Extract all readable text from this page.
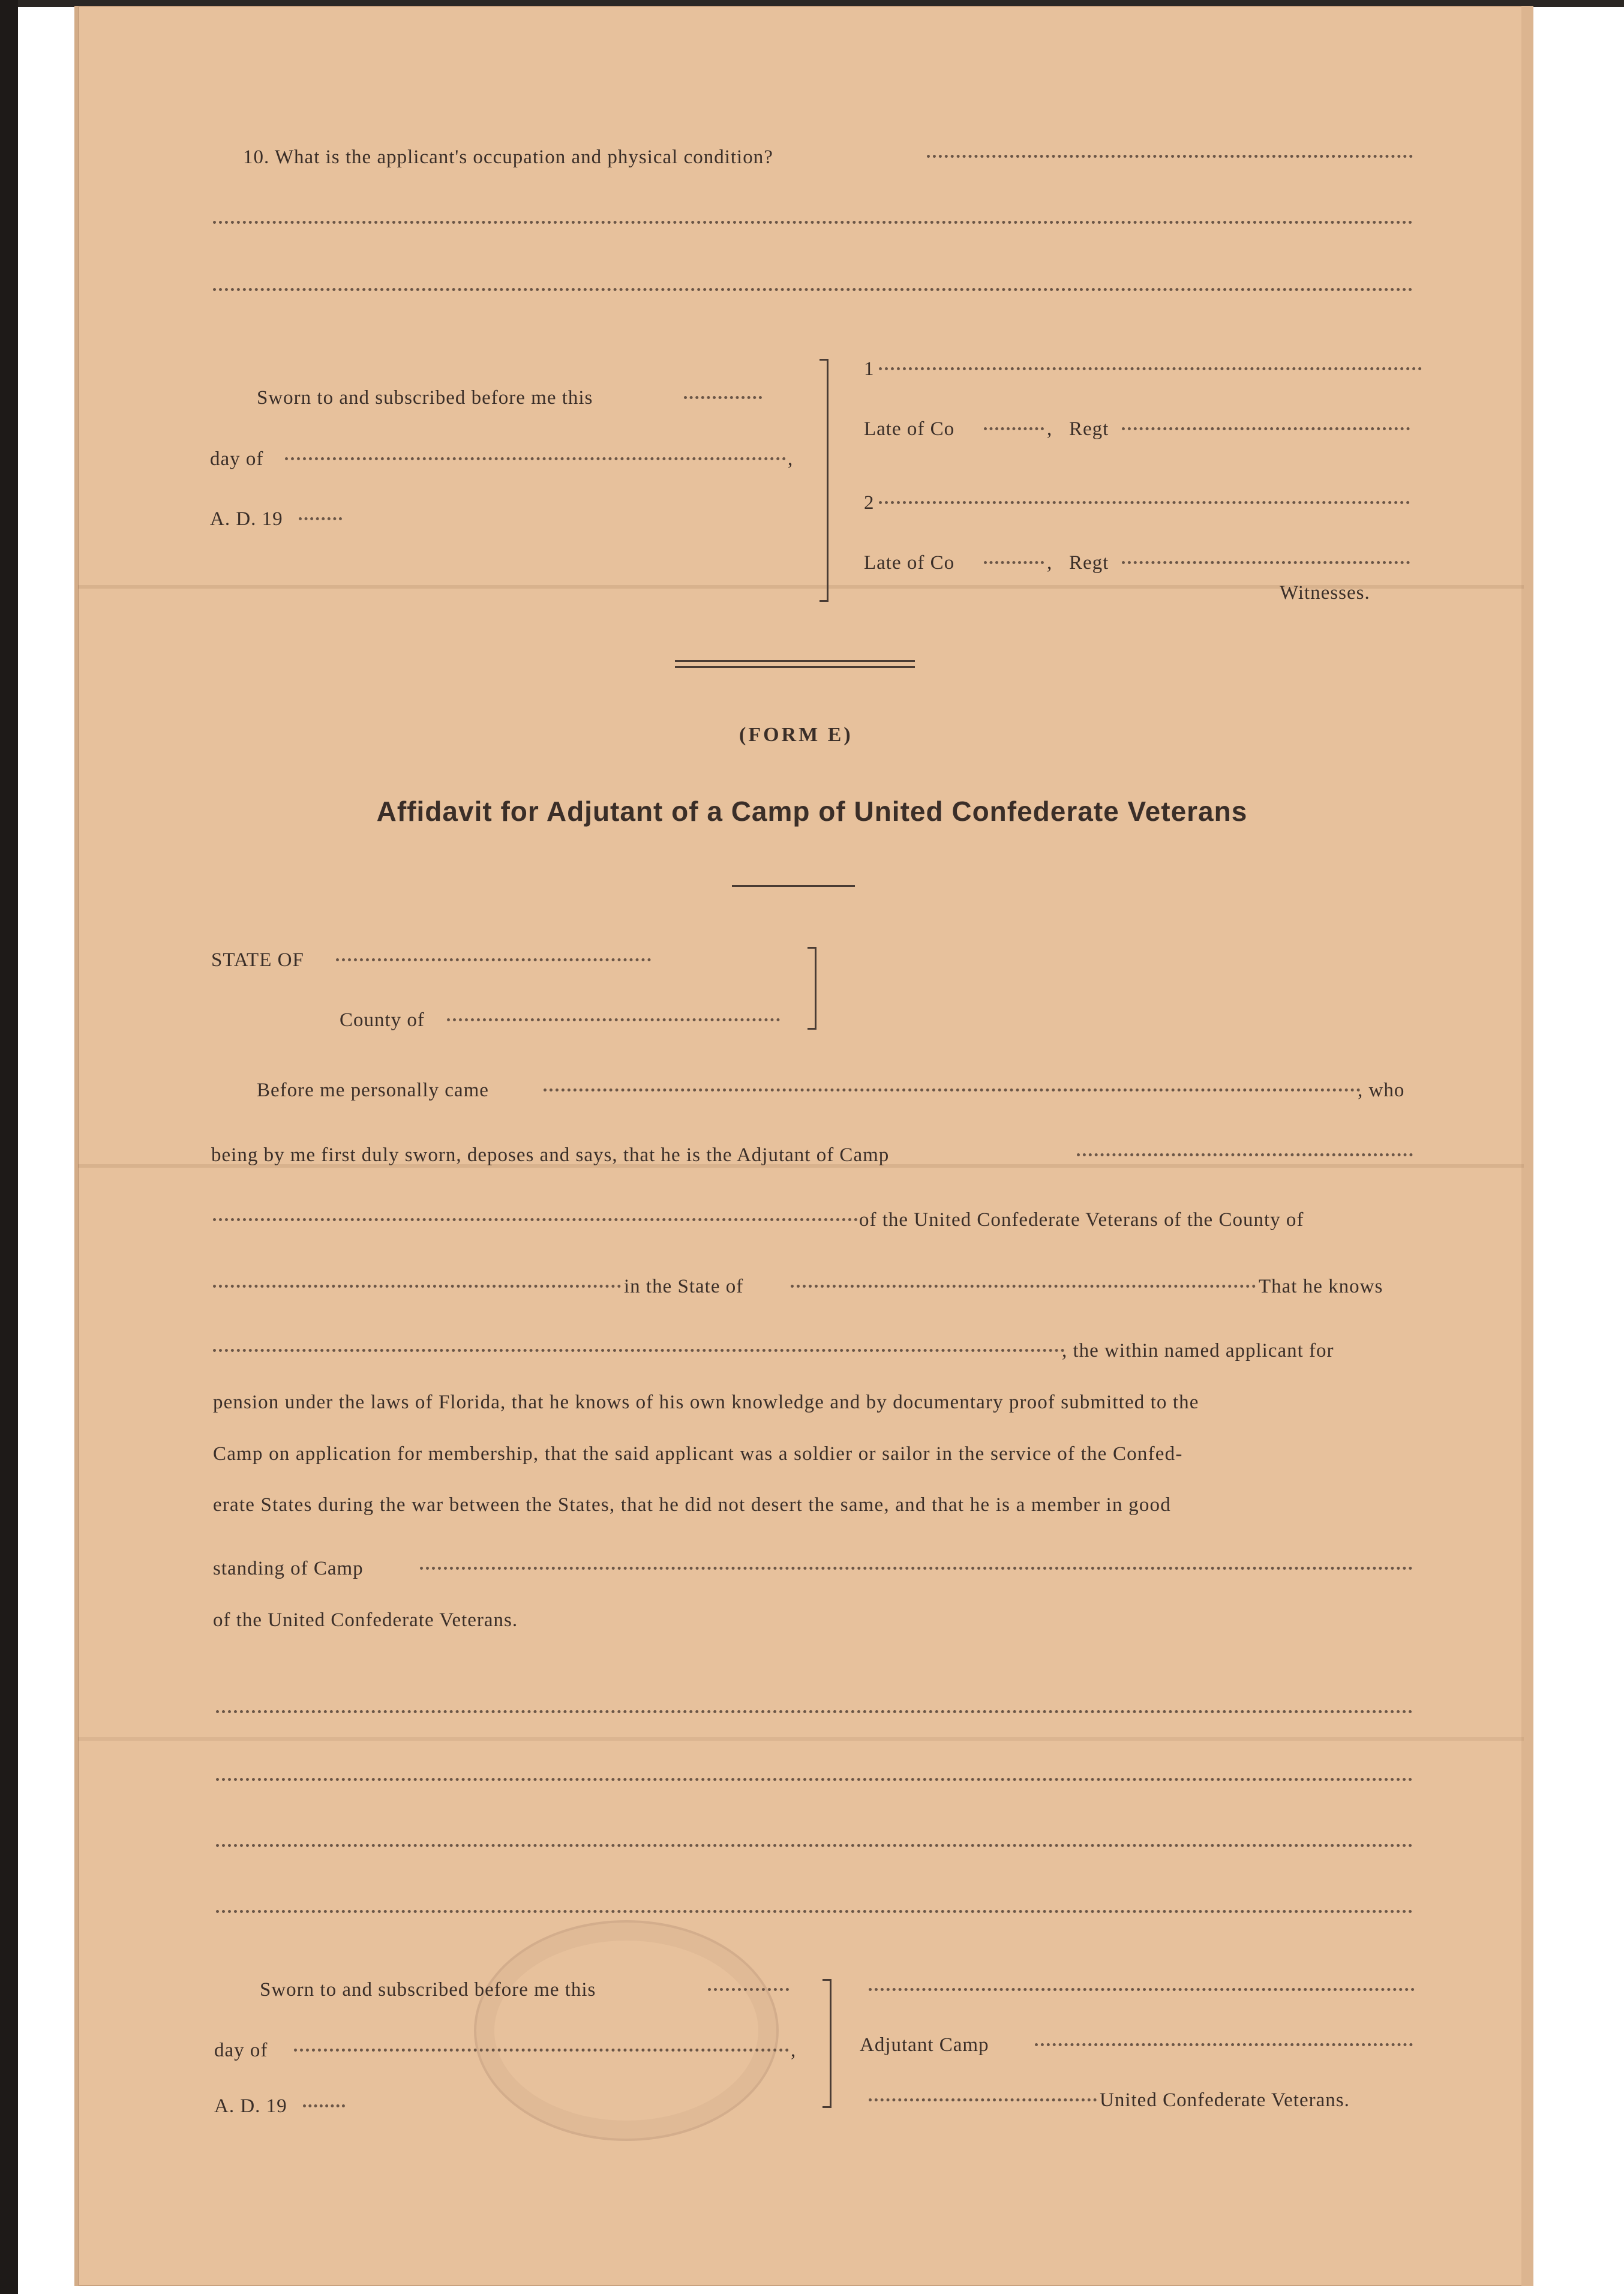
10. What is the applicant's occupation and physical condition?
Sworn to and subscribed before me this
day of	,
A. D. 19
1
Late of Co	, Regt
2
Late of Co	, Regt
Witnesses.
(FORM E)
Affidavit for Adjutant of a Camp of United Confederate Veterans
STATE OF
County of
Before me personally came	, who
being by me first duly sworn, deposes and says, that he is the Adjutant of Camp
of the United Confederate Veterans of the County of
in the State of	That he knows
, the within named applicant for
pension under the laws of Florida, that he knows of his own knowledge and by documentary proof submitted to the
Camp on application for membership, that the said applicant was a soldier or sailor in the service of the Confed-
erate States during the war between the States, that he did not desert the same, and that he is a member in good
standing of Camp
of the United Confederate Veterans.
Sworn to and subscribed before me this
day of	,
A. D. 19
Adjutant Camp
United Confederate Veterans.
